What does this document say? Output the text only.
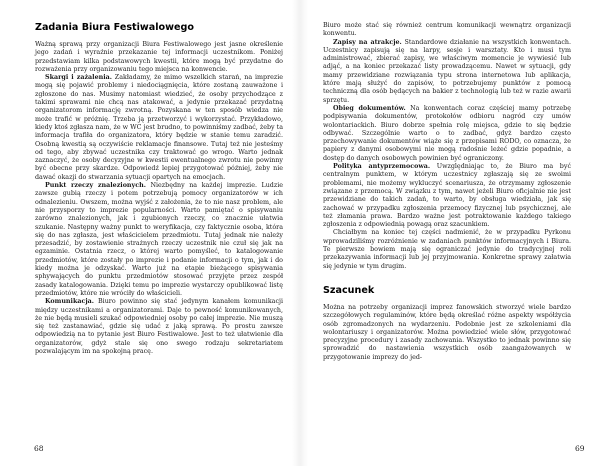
Zadania Biura Festiwalowego

Ważną sprawą przy organizacji Biura Festiwalowego jest jasne określenie jego zadań i wyraźnie przekazanie tej informacji uczestnikom. Poniżej przedstawiam kilka podstawowych kwestii, które mogą być przydatne do rozważenia przy organizowaniu tego miejsca na konwencie.

Skargi i zażalenia. Zakładamy, że mimo wszelkich starań, na imprezie mogą się pojawić problemy i niedociągnięcia, które zostaną zauważone i zgłoszone do nas. Musimy natomiast wiedzieć, że osoby przychodzące z takimi sprawami nie chcą nas atakować, a jedynie przekazać przydatną organizatorom informację zwrotną. Pozyskana w ten sposób wiedza nie może trafić w próżnię. Trzeba ją przetworzyć i wykorzystać. Przykładowo, kiedy ktoś zgłasza nam, że w WC jest brudno, to powinniśmy zadbać, żeby ta informacja trafiła do organizatora, który będzie w stanie temu zaradzić. Osobną kwestią są oczywiście reklamacje finansowe. Tutaj też nie jesteśmy od tego, aby zbywać uczestnika czy traktować go wrogo. Warto jednak zaznaczyć, że osoby decyzyjne w kwestii ewentualnego zwrotu nie powinny być obecne przy skardze. Odpowiedź lepiej przygotować później, żeby nie dawać okazji do stwarzania sytuacji opartych na emocjach.

Punkt rzeczy znalezionych. Niezbędny na każdej imprezie. Ludzie zawsze gubią rzeczy i potem potrzebują pomocy organizatorów w ich odnalezieniu. Owszem, można wyjść z założenia, że to nie nasz problem, ale nie przysporzy to imprezie popularności. Warto pamiętać o spisywaniu zarówno znalezionych, jak i zgubionych rzeczy, co znacznie ułatwia szukanie. Następny ważny punkt to weryfikacja, czy faktycznie osoba, która się do nas zgłasza, jest właścicielem przedmiotu. Tutaj jednak nie należy przesadzić, by zostawienie strażnych rzeczy uczestnik nie czuł się jak na egzaminie. Ostatnia rzecz, o której warto pomyśleć, to katalogowanie przedmiotów, które zostały po imprezie i podanie informacji o tym, jak i do kiedy można je odzyskać. Warto już na etapie bieżącego spisywania sphywających do punktu przedmiotów stosować przyjęte przez zespół zasady katalogowania. Dzięki temu po imprezie wystarczy opublikować listę przedmiotów, które nie wróciły do właścicieli.

Komunikacja. Biuro powinno się stać jedynym kanałem komunikacji między uczestnikami a organizatorami. Daje to pewność komunikowanych, że nie będą musieli szukać odpowiedniej osoby po całej imprezie. Nie muszą się też zastanawiać, gdzie się udać z jaką sprawą. Po prostu zawsze odpowiedzią na to pytanie jest Biuro Festiwalowe. Jest to też ułatwienie dla organizatorów, gdyż stale się ono swego rodzaju sekretariatem pozwalającym im na spokojną pracę.

68

Biuro może stać się również centrum komunikacji wewnątrz organizacji konwentu.

Zapisy na atrakcje. Standardowe działanie na wszystkich konwentach. Uczestnicy zapisują się na larpy, sesje i warsztaty. Kto i musi tym administrować, zbierać zapisy, we właściwym momencie je wywiesić lub adjąć, a na koniec przekazać listy prowadzącemu. Nawet w sytuacji, gdy mamy przewidziane rozwiązania typu strona internetowa lub aplikacja, które mają służyć do zapisów, to potrzebujemy punktów z pomocą techniczną dla osób będących na bakier z technologią lub też w razie awarii sprzętu.

Obieg dokumentów. Na konwentach coraz częściej mamy potrzebę podpisywania dokumentów, protokołów odbioru nagród czy umów wolontariackich. Biuro dobrze spełnia rolę miejsca, gdzie to się będzie odbywać. Szczególnie warto o to zadbać, gdyż bardzo często przechowywanie dokumentów wiąże się z przepisami RODO, co oznacza, że papiery z danymi osobowymi nie mogą radośnie leżeć gdzie popadnie, a dostęp do danych osobowych powinien być ograniczony.

Polityka antyprzemocowa. Uwzględniając to, że Biuro ma być centralnym punktem, w którym uczestnicy zgłaszają się ze swoimi problemami, nie możemy wykluczyć scenariusza, że otrzymamy zgłoszenie związane z przemocą. W związku z tym, nawet jeżeli Biuro oficjalnie nie jest przewidziane do takich zadań, to warto, by obsługa wiedziała, jak się zachować w przypadku zgłoszenia przemocy fizycznej lub psychicznej, ale też złamania prawa. Bardzo ważne jest potraktowanie każdego takiego zgłoszenia z odpowiednią powagą oraz szacunkiem.

Chciałbym na koniec tej części nadmienić, że w przypadku Pyrkonu wprowadziliśmy rozróżnienie w zadaniach punktów informacyjnych i Biura. Te pierwsze bowiem mają się ograniczać jedynie do tradycyjnej roli przekazywania informacji lub jej przyjmowania. Konkretne sprawy załatwia się jedynie w tym drugim.

Szacunek

Można na potrzeby organizacji imprez fanowskich stworzyć wiele bardzo szczegółowych regulaminów, które będą określać różne aspekty współżycia osób zgromadzonych na wydarzeniu. Podobnie jest ze szkoleniami dla wolontariuszy i organizatorów. Można powiedzieć wiele słów, przygotować precyzyjne procedury i zasady zachowania. Wszystko to jednak powinno się sprowadzić do nastawienia wszystkich osób zaangażowanych w przygotowanie imprezy do jed-

69
